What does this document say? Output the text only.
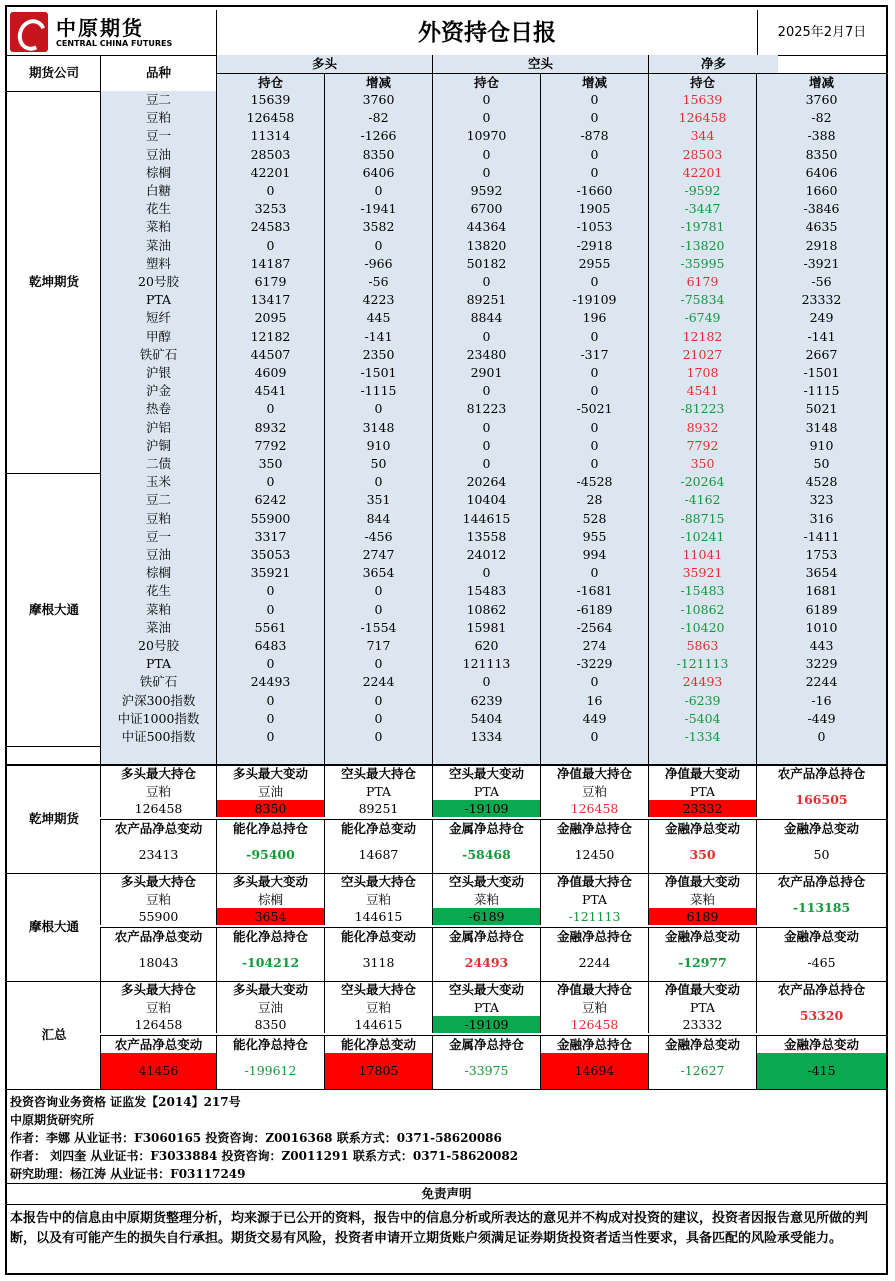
中原期货
CENTRAL CHINA FUTURES	外资持仓日报	2025年2月7日
投资咨询业务资格 证监发【2014】217号
中原期货研究所
作者：李娜 从业证书：F3060165 投资咨询：Z0016368 联系方式：0371-58620086
作者： 刘四奎 从业证书：F3033884 投资咨询：Z0011291 联系方式：0371-58620082
研究助理：杨江涛 从业证书：F03117249
免责声明
本报告中的信息由中原期货整理分析，均来源于已公开的资料，报告中的信息分析或所表达的意见并不构成对投资的建议，投资者因报告意见所做的判断，以及有可能产生的损失自行承担。期货交易有风险，投资者申请开立期货账户须满足证券期货投资者适当性要求，具备匹配的风险承受能力。
期货公司	品种
多头	空头	净多
持仓	增减	持仓	增减	持仓	增减
豆二	15639	3760	0	0	15639	3760
豆粕	126458	-82	0	0	126458	-82
豆一	11314	-1266	10970	-878	344	-388
豆油	28503	8350	0	0	28503	8350
棕榈	42201	6406	0	0	42201	6406
白糖	0	0	9592	-1660	-9592	1660
花生	3253	-1941	6700	1905	-3447	-3846
菜粕	24583	3582	44364	-1053	-19781	4635
菜油	0	0	13820	-2918	-13820	2918
塑料	14187	-966	50182	2955	-35995	-3921
20号胶	6179	-56	0	0	6179	-56
PTA	13417	4223	89251	-19109	-75834	23332
短纤	2095	445	8844	196	-6749	249
甲醇	12182	-141	0	0	12182	-141
铁矿石	44507	2350	23480	-317	21027	2667
沪银	4609	-1501	2901	0	1708	-1501
沪金	4541	-1115	0	0	4541	-1115
热卷	0	0	81223	-5021	-81223	5021
沪铝	8932	3148	0	0	8932	3148
沪铜	7792	910	0	0	7792	910
二债	350	50	0	0	350	50
乾坤期货
玉米	0	0	20264	-4528	-20264	4528
豆二	6242	351	10404	28	-4162	323
豆粕	55900	844	144615	528	-88715	316
豆一	3317	-456	13558	955	-10241	-1411
豆油	35053	2747	24012	994	11041	1753
棕榈	35921	3654	0	0	35921	3654
花生	0	0	15483	-1681	-15483	1681
菜粕	0	0	10862	-6189	-10862	6189
菜油	5561	-1554	15981	-2564	-10420	1010
20号胶	6483	717	620	274	5863	443
PTA	0	0	121113	-3229	-121113	3229
铁矿石	24493	2244	0	0	24493	2244
沪深300指数	0	0	6239	16	-6239	-16
中证1000指数	0	0	5404	449	-5404	-449
中证500指数	0	0	1334	0	-1334	0
摩根大通
乾坤期货
多头最大持仓	多头最大变动	空头最大持仓	空头最大变动	净值最大持仓	净值最大变动	农产品净总持仓
豆粕	豆油	PTA	PTA	豆粕	PTA
126458	8350	89251	-19109	126458	23332
166505
农产品净总变动	能化净总持仓	能化净总变动	金属净总持仓	金融净总持仓	金融净总变动	金融净总变动
23413	-95400	14687	-58468	12450	350	50
摩根大通
多头最大持仓	多头最大变动	空头最大持仓	空头最大变动	净值最大持仓	净值最大变动	农产品净总持仓
豆粕	棕榈	豆粕	菜粕	PTA	菜粕
55900	3654	144615	-6189	-121113	6189
-113185
农产品净总变动	能化净总持仓	能化净总变动	金属净总持仓	金融净总持仓	金融净总变动	金融净总变动
18043	-104212	3118	24493	2244	-12977	-465
汇总
多头最大持仓	多头最大变动	空头最大持仓	空头最大变动	净值最大持仓	净值最大变动	农产品净总持仓
豆粕	豆油	豆粕	PTA	豆粕	PTA
126458	8350	144615	-19109	126458	23332
53320
农产品净总变动	能化净总持仓	能化净总变动	金属净总持仓	金融净总持仓	金融净总变动	金融净总变动
41456	-199612	17805	-33975	14694	-12627	-415
